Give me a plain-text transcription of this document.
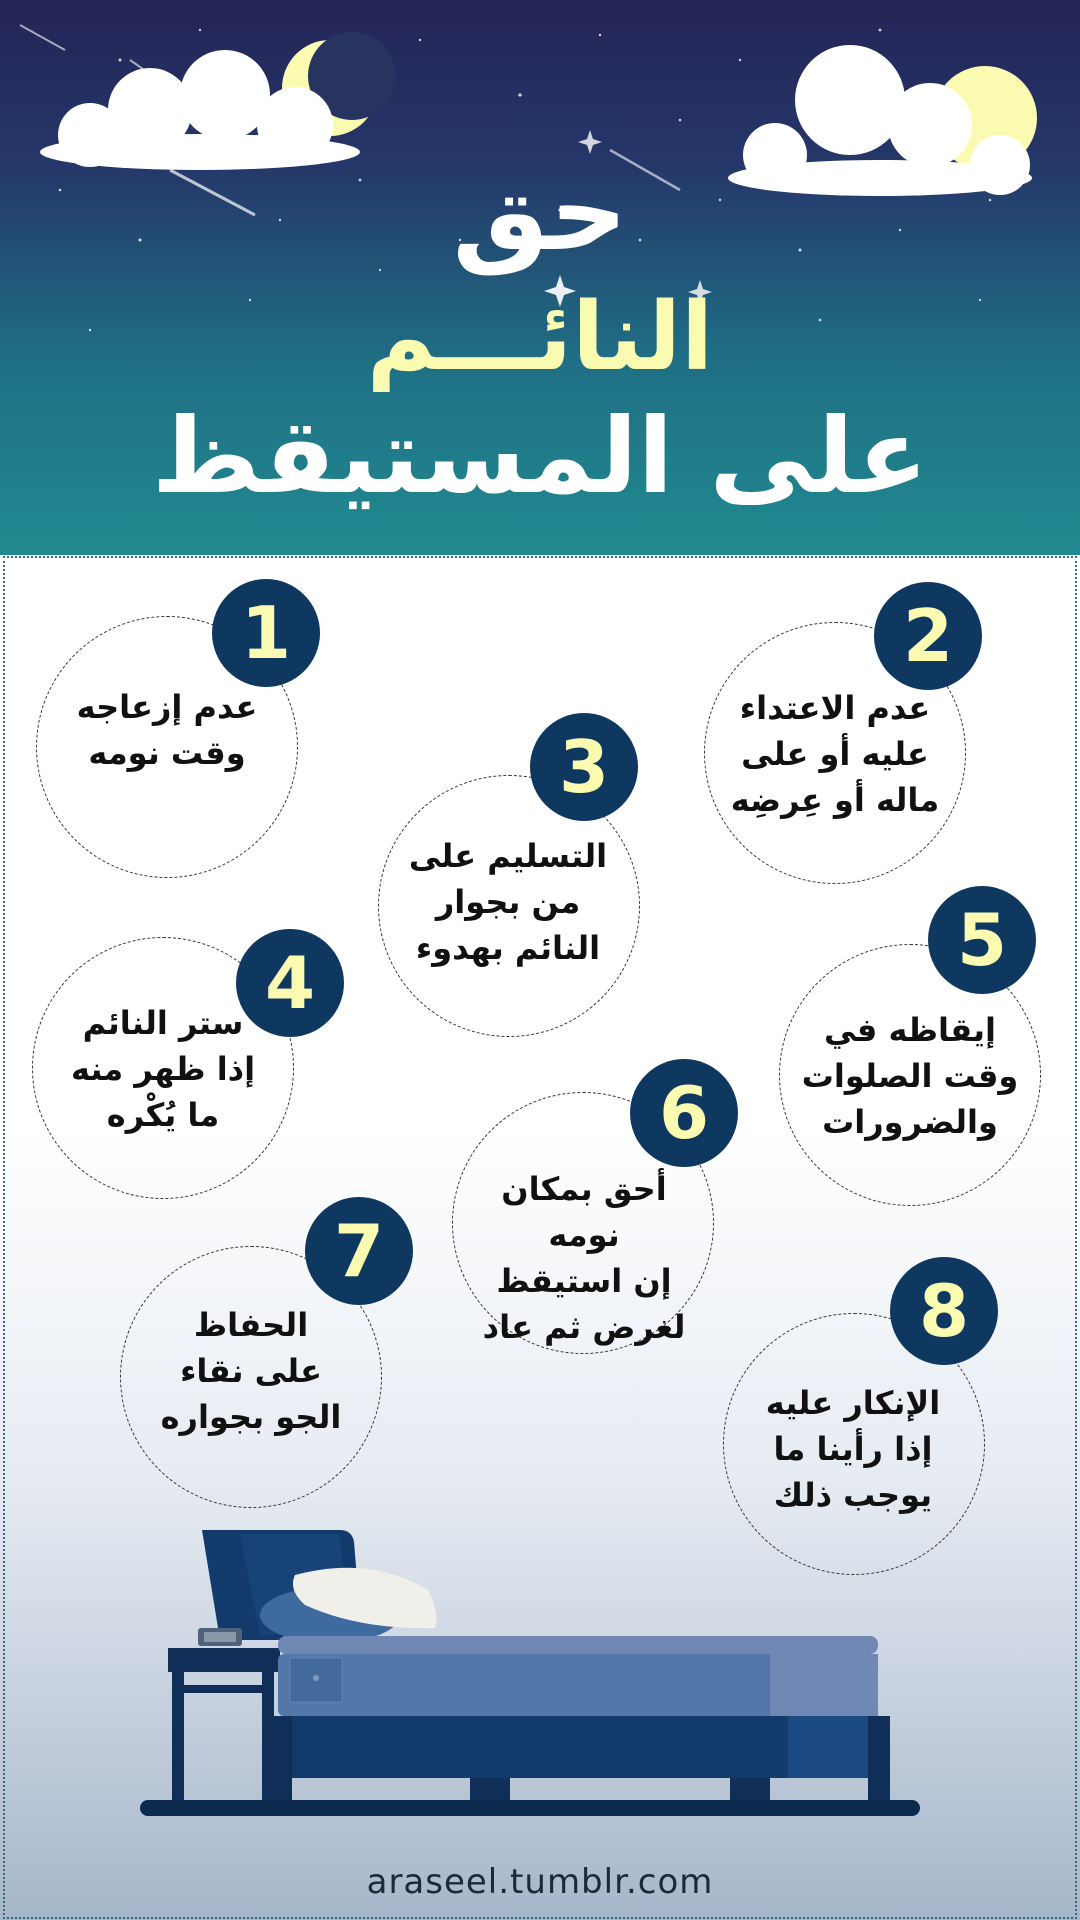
حق
النائـــم
على المستيقظ
1
عدم إزعاجه
وقت نومه
2
عدم الاعتداء
عليه أو على
ماله أو عِرضِه
3
التسليم على
من بجوار
النائم بهدوء
4
ستر النائم
إذا ظهر منه
ما يُكْره
5
إيقاظه في
وقت الصلوات
والضرورات
6
أحق بمكان نومه
إن استيقظ
لغرض ثم عاد
7
الحفاظ
على نقاء
الجو بجواره
8
الإنكار عليه
إذا رأينا ما
يوجب ذلك
araseel.tumblr.com
